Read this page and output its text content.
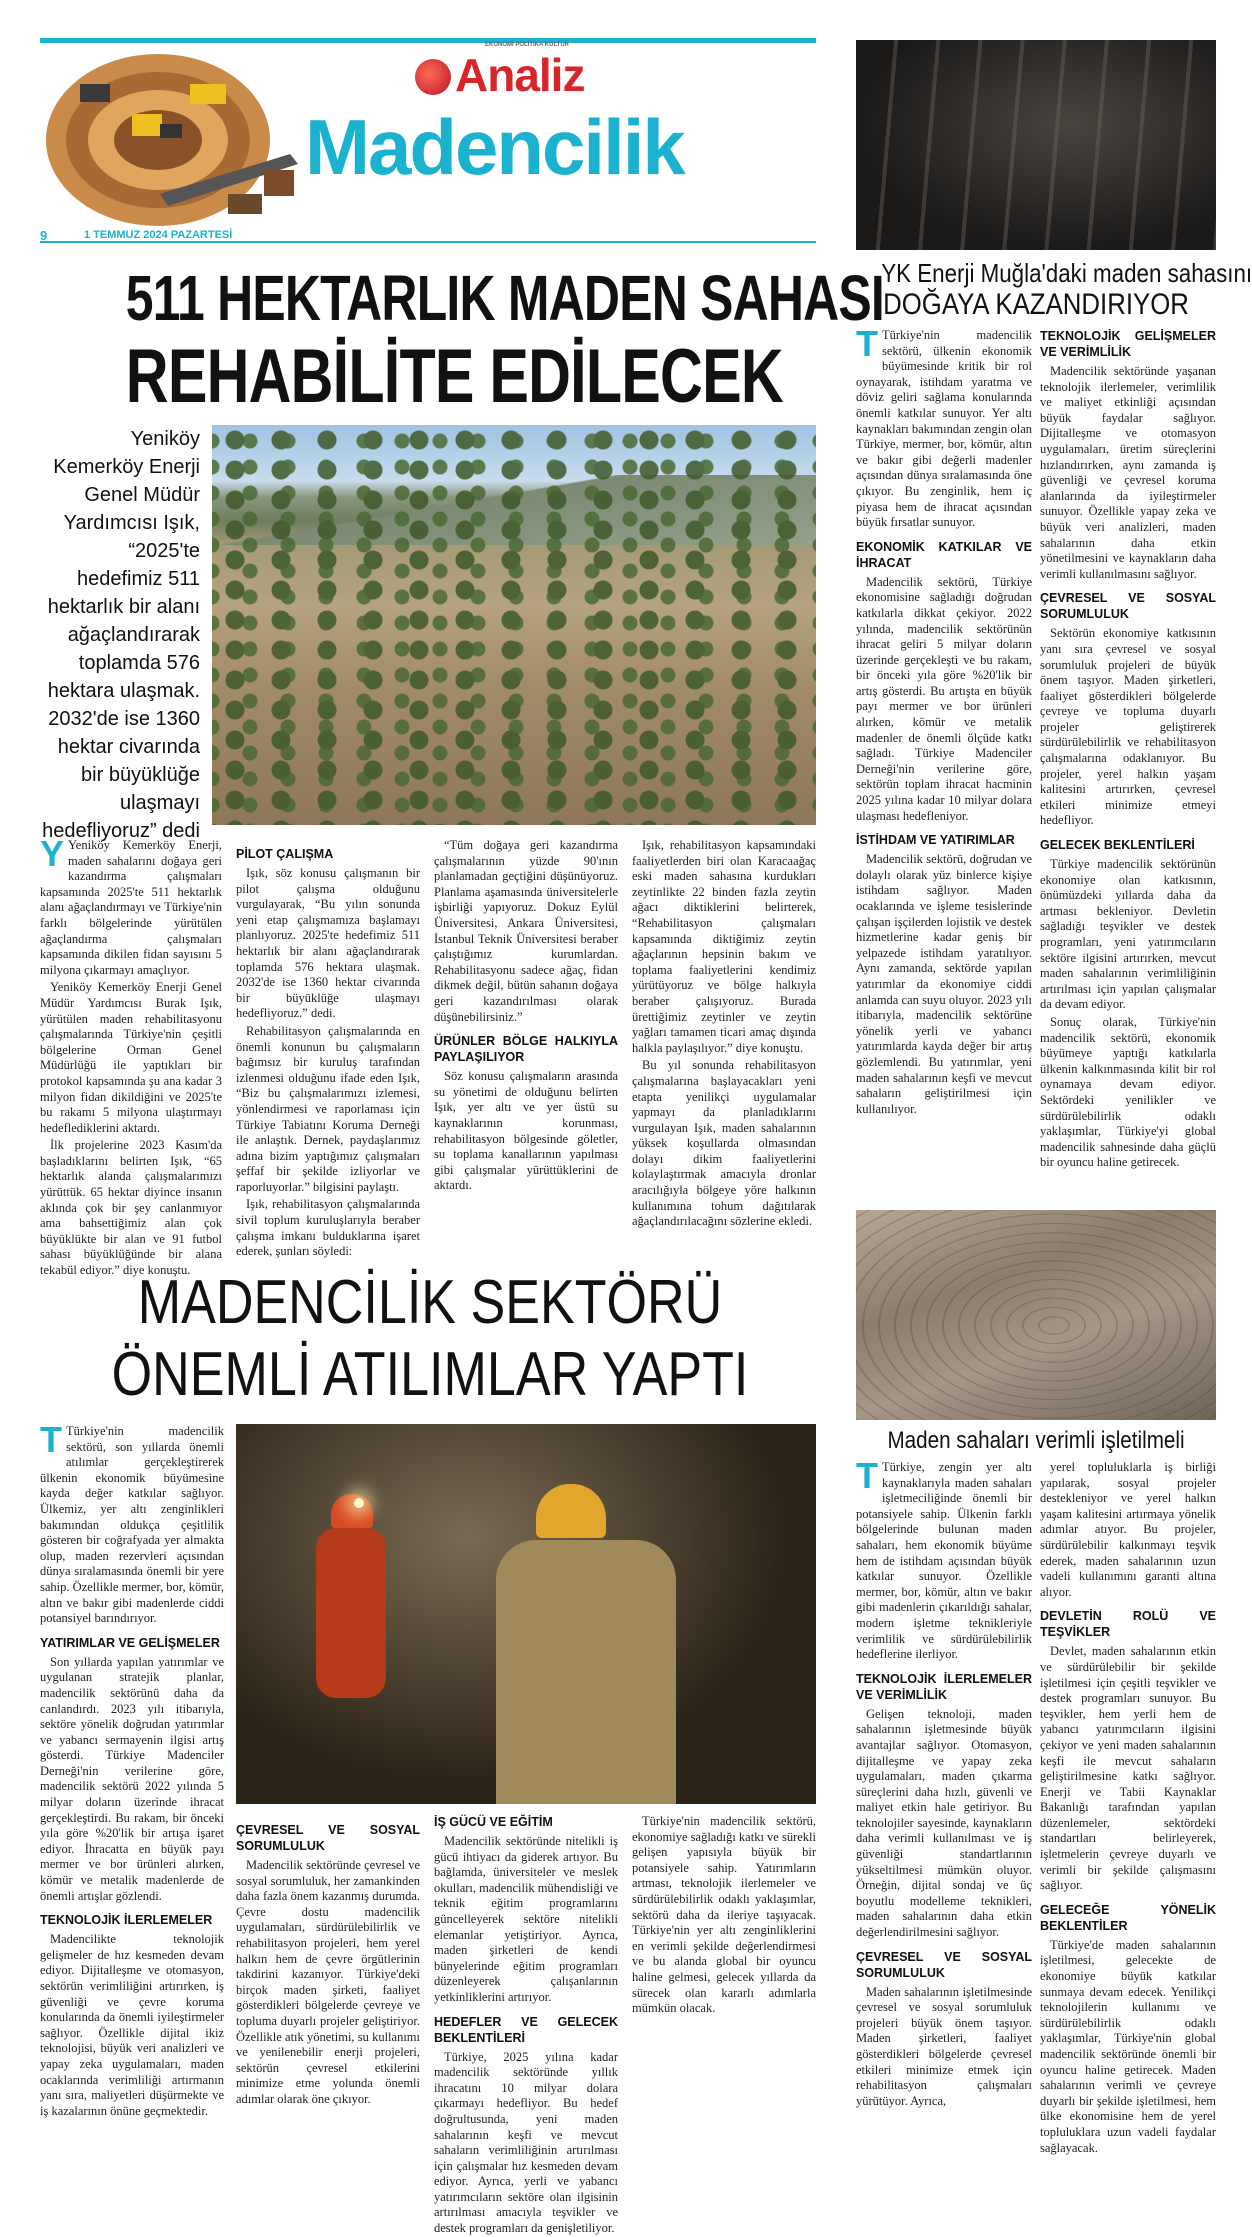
EKONOMİ POLİTİKA KÜLTÜR
Analiz
Madencilik
9	1 TEMMUZ 2024 PAZARTESİ
511 HEKTARLIK MADEN SAHASI
REHABİLİTE EDİLECEK
Yeniköy Kemerköy Enerji Genel Müdür Yardımcısı Işık, “2025'te hedefimiz 511 hektarlık bir alanı ağaçlandırarak toplamda 576 hektara ulaşmak. 2032'de ise 1360 hektar civarında bir büyüklüğe ulaşmayı hedefliyoruz” dedi

Y Yeniköy Kemerköy Enerji, maden sahalarını doğaya geri kazandırma çalışmaları kapsamında 2025'te 511 hektarlık alanı ağaçlandırmayı ve Türkiye'nin farklı bölgelerinde yürütülen ağaçlandırma çalışmaları kapsamında dikilen fidan sayısını 5 milyona çıkarmayı amaçlıyor.

Yeniköy Kemerköy Enerji Genel Müdür Yardımcısı Burak Işık, yürütülen maden rehabilitasyonu çalışmalarında Türkiye'nin çeşitli bölgelerine Orman Genel Müdürlüğü ile yaptıkları bir protokol kapsamında şu ana kadar 3 milyon fidan dikildiğini ve 2025'te bu rakamı 5 milyona ulaştırmayı hedeflediklerini aktardı.

İlk projelerine 2023 Kasım'da başladıklarını belirten Işık, “65 hektarlık alanda çalışmalarımızı yürüttük. 65 hektar diyince insanın aklında çok bir şey canlanmıyor ama bahsettiğimiz alan çok büyüklükte bir alan ve 91 futbol sahası büyüklüğünde bir alana tekabül ediyor.” diye konuştu.

PİLOT ÇALIŞMA

Işık, söz konusu çalışmanın bir pilot çalışma olduğunu vurgulayarak, “Bu yılın sonunda yeni etap çalışmamıza başlamayı planlıyoruz. 2025'te hedefimiz 511 hektarlık bir alanı ağaçlandırarak toplamda 576 hektara ulaşmak. 2032'de ise 1360 hektar civarında bir büyüklüğe ulaşmayı hedefliyoruz.” dedi.

Rehabilitasyon çalışmalarında en önemli konunun bu çalışmaların bağımsız bir kuruluş tarafından izlenmesi olduğunu ifade eden Işık, “Biz bu çalışmalarımızı izlemesi, yönlendirmesi ve raporlaması için Türkiye Tabiatını Koruma Derneği ile anlaştık. Dernek, paydaşlarımız adına bizim yaptığımız çalışmaları şeffaf bir şekilde izliyorlar ve raporluyorlar.” bilgisini paylaştı.

Işık, rehabilitasyon çalışmalarında sivil toplum kuruluşlarıyla beraber çalışma imkanı bulduklarına işaret ederek, şunları söyledi:

“Tüm doğaya geri kazandırma çalışmalarının yüzde 90'ının planlamadan geçtiğini düşünüyoruz. Planlama aşamasında üniversitelerle işbirliği yapıyoruz. Dokuz Eylül Üniversitesi, Ankara Üniversitesi, İstanbul Teknik Üniversitesi beraber çalıştığımız kurumlardan. Rehabilitasyonu sadece ağaç, fidan dikmek değil, bütün sahanın doğaya geri kazandırılması olarak düşünebilirsiniz.”

ÜRÜNLER BÖLGE HALKIYLA PAYLAŞILIYOR

Söz konusu çalışmaların arasında su yönetimi de olduğunu belirten Işık, yer altı ve yer üstü su kaynaklarının korunması, rehabilitasyon bölgesinde göletler, su toplama kanallarının yapılması gibi çalışmalar yürüttüklerini de aktardı.

Işık, rehabilitasyon kapsamındaki faaliyetlerden biri olan Karacaağaç eski maden sahasına kurdukları zeytinlikte 22 binden fazla zeytin ağacı diktiklerini belirterek, “Rehabilitasyon çalışmaları kapsamında diktiğimiz zeytin ağaçlarının hepsinin bakım ve toplama faaliyetlerini kendimiz yürütüyoruz ve bölge halkıyla beraber çalışıyoruz. Burada ürettiğimiz zeytinler ve zeytin yağları tamamen ticari amaç dışında halkla paylaşılıyor.” diye konuştu.

Bu yıl sonunda rehabilitasyon çalışmalarına başlayacakları yeni etapta yenilikçi uygulamalar yapmayı da planladıklarını vurgulayan Işık, maden sahalarının yüksek koşullarda olmasından dolayı dikim faaliyetlerini kolaylaştırmak amacıyla dronlar aracılığıyla bölgeye yöre halkının kullanımına tohum dağıtılarak ağaçlandırılacağını sözlerine ekledi.

YK Enerji Muğla'daki maden sahasını
DOĞAYA KAZANDIRIYOR

T Türkiye'nin madencilik sektörü, ülkenin ekonomik büyümesinde kritik bir rol oynayarak, istihdam yaratma ve döviz geliri sağlama konularında önemli katkılar sunuyor. Yer altı kaynakları bakımından zengin olan Türkiye, mermer, bor, kömür, altın ve bakır gibi değerli madenler açısından dünya sıralamasında öne çıkıyor. Bu zenginlik, hem iç piyasa hem de ihracat açısından büyük fırsatlar sunuyor.

EKONOMİK KATKILAR VE İHRACAT

Madencilik sektörü, Türkiye ekonomisine sağladığı doğrudan katkılarla dikkat çekiyor. 2022 yılında, madencilik sektörünün ihracat geliri 5 milyar doların üzerinde gerçekleşti ve bu rakam, bir önceki yıla göre %20'lik bir artış gösterdi. Bu artışta en büyük payı mermer ve bor ürünleri alırken, kömür ve metalik madenler de önemli ölçüde katkı sağladı. Türkiye Madenciler Derneği'nin verilerine göre, sektörün toplam ihracat hacminin 2025 yılına kadar 10 milyar dolara ulaşması hedefleniyor.

İSTİHDAM VE YATIRIMLAR

Madencilik sektörü, doğrudan ve dolaylı olarak yüz binlerce kişiye istihdam sağlıyor. Maden ocaklarında ve işleme tesislerinde çalışan işçilerden lojistik ve destek hizmetlerine kadar geniş bir yelpazede istihdam yaratılıyor. Aynı zamanda, sektörde yapılan yatırımlar da ekonomiye ciddi anlamda can suyu oluyor. 2023 yılı itibarıyla, madencilik sektörüne yönelik yerli ve yabancı yatırımlarda kayda değer bir artış gözlemlendi. Bu yatırımlar, yeni maden sahalarının keşfi ve mevcut sahaların geliştirilmesi için kullanılıyor.

TEKNOLOJİK GELİŞMELER VE VERİMLİLİK

Madencilik sektöründe yaşanan teknolojik ilerlemeler, verimlilik ve maliyet etkinliği açısından büyük faydalar sağlıyor. Dijitalleşme ve otomasyon uygulamaları, üretim süreçlerini hızlandırırken, aynı zamanda iş güvenliği ve çevresel koruma alanlarında da iyileştirmeler sunuyor. Özellikle yapay zeka ve büyük veri analizleri, maden sahalarının daha etkin yönetilmesini ve kaynakların daha verimli kullanılmasını sağlıyor.

ÇEVRESEL VE SOSYAL SORUMLULUK

Sektörün ekonomiye katkısının yanı sıra çevresel ve sosyal sorumluluk projeleri de büyük önem taşıyor. Maden şirketleri, faaliyet gösterdikleri bölgelerde çevreye ve topluma duyarlı projeler geliştirerek sürdürülebilirlik ve rehabilitasyon çalışmalarına odaklanıyor. Bu projeler, yerel halkın yaşam kalitesini artırırken, çevresel etkileri minimize etmeyi hedefliyor.

GELECEK BEKLENTİLERİ

Türkiye madencilik sektörünün ekonomiye olan katkısının, önümüzdeki yıllarda daha da artması bekleniyor. Devletin sağladığı teşvikler ve destek programları, yeni yatırımcıların sektöre ilgisini artırırken, mevcut maden sahalarının verimliliğinin artırılması için yapılan çalışmalar da devam ediyor.

Sonuç olarak, Türkiye'nin madencilik sektörü, ekonomik büyümeye yaptığı katkılarla ülkenin kalkınmasında kilit bir rol oynamaya devam ediyor. Sektördeki yenilikler ve sürdürülebilirlik odaklı yaklaşımlar, Türkiye'yi global madencilik sahnesinde daha güçlü bir oyuncu haline getirecek.

MADENCİLİK SEKTÖRÜ
ÖNEMLİ ATILIMLAR YAPTI

T Türkiye'nin madencilik sektörü, son yıllarda önemli atılımlar gerçekleştirerek ülkenin ekonomik büyümesine kayda değer katkılar sağlıyor. Ülkemiz, yer altı zenginlikleri bakımından oldukça çeşitlilik gösteren bir coğrafyada yer almakta olup, maden rezervleri açısından dünya sıralamasında önemli bir yere sahip. Özellikle mermer, bor, kömür, altın ve bakır gibi madenlerde ciddi potansiyel barındırıyor.

YATIRIMLAR VE GELİŞMELER

Son yıllarda yapılan yatırımlar ve uygulanan stratejik planlar, madencilik sektörünü daha da canlandırdı. 2023 yılı itibarıyla, sektöre yönelik doğrudan yatırımlar ve yabancı sermayenin ilgisi artış gösterdi. Türkiye Madenciler Derneği'nin verilerine göre, madencilik sektörü 2022 yılında 5 milyar doların üzerinde ihracat gerçekleştirdi. Bu rakam, bir önceki yıla göre %20'lik bir artışa işaret ediyor. İhracatta en büyük payı mermer ve bor ürünleri alırken, kömür ve metalik madenlerde de önemli artışlar gözlendi.

TEKNOLOJİK İLERLEMELER

Madencilikte teknolojik gelişmeler de hız kesmeden devam ediyor. Dijitalleşme ve otomasyon, sektörün verimliliğini artırırken, iş güvenliği ve çevre koruma konularında da önemli iyileştirmeler sağlıyor. Özellikle dijital ikiz teknolojisi, büyük veri analizleri ve yapay zeka uygulamaları, maden ocaklarında verimliliği artırmanın yanı sıra, maliyetleri düşürmekte ve iş kazalarının önüne geçmektedir.

ÇEVRESEL VE SOSYAL SORUMLULUK

Madencilik sektöründe çevresel ve sosyal sorumluluk, her zamankinden daha fazla önem kazanmış durumda. Çevre dostu madencilik uygulamaları, sürdürülebilirlik ve rehabilitasyon projeleri, hem yerel halkın hem de çevre örgütlerinin takdirini kazanıyor. Türkiye'deki birçok maden şirketi, faaliyet gösterdikleri bölgelerde çevreye ve topluma duyarlı projeler geliştiriyor. Özellikle atık yönetimi, su kullanımı ve yenilenebilir enerji projeleri, sektörün çevresel etkilerini minimize etme yolunda önemli adımlar olarak öne çıkıyor.

İŞ GÜCÜ VE EĞİTİM

Madencilik sektöründe nitelikli iş gücü ihtiyacı da giderek artıyor. Bu bağlamda, üniversiteler ve meslek okulları, madencilik mühendisliği ve teknik eğitim programlarını güncelleyerek sektöre nitelikli elemanlar yetiştiriyor. Ayrıca, maden şirketleri de kendi bünyelerinde eğitim programları düzenleyerek çalışanlarının yetkinliklerini artırıyor.

HEDEFLER VE GELECEK BEKLENTİLERİ

Türkiye, 2025 yılına kadar madencilik sektöründe yıllık ihracatını 10 milyar dolara çıkarmayı hedefliyor. Bu hedef doğrultusunda, yeni maden sahalarının keşfi ve mevcut sahaların verimliliğinin artırılması için çalışmalar hız kesmeden devam ediyor. Ayrıca, yerli ve yabancı yatırımcıların sektöre olan ilgisinin artırılması amacıyla teşvikler ve destek programları da genişletiliyor.

Türkiye'nin madencilik sektörü, ekonomiye sağladığı katkı ve sürekli gelişen yapısıyla büyük bir potansiyele sahip. Yatırımların artması, teknolojik ilerlemeler ve sürdürülebilirlik odaklı yaklaşımlar, sektörü daha da ileriye taşıyacak. Türkiye'nin yer altı zenginliklerini en verimli şekilde değerlendirmesi ve bu alanda global bir oyuncu haline gelmesi, gelecek yıllarda da sürecek olan kararlı adımlarla mümkün olacak.

Maden sahaları verimli işletilmeli

T Türkiye, zengin yer altı kaynaklarıyla maden sahaları işletmeciliğinde önemli bir potansiyele sahip. Ülkenin farklı bölgelerinde bulunan maden sahaları, hem ekonomik büyüme hem de istihdam açısından büyük katkılar sunuyor. Özellikle mermer, bor, kömür, altın ve bakır gibi madenlerin çıkarıldığı sahalar, modern işletme teknikleriyle verimlilik ve sürdürülebilirlik hedeflerine ilerliyor.

TEKNOLOJİK İLERLEMELER VE VERİMLİLİK

Gelişen teknoloji, maden sahalarının işletmesinde büyük avantajlar sağlıyor. Otomasyon, dijitalleşme ve yapay zeka uygulamaları, maden çıkarma süreçlerini daha hızlı, güvenli ve maliyet etkin hale getiriyor. Bu teknolojiler sayesinde, kaynakların daha verimli kullanılması ve iş güvenliği standartlarının yükseltilmesi mümkün oluyor. Örneğin, dijital sondaj ve üç boyutlu modelleme teknikleri, maden sahalarının daha etkin değerlendirilmesini sağlıyor.

ÇEVRESEL VE SOSYAL SORUMLULUK

Maden sahalarının işletilmesinde çevresel ve sosyal sorumluluk projeleri büyük önem taşıyor. Maden şirketleri, faaliyet gösterdikleri bölgelerde çevresel etkileri minimize etmek için rehabilitasyon çalışmaları yürütüyor. Ayrıca,

yerel topluluklarla iş birliği yapılarak, sosyal projeler destekleniyor ve yerel halkın yaşam kalitesini artırmaya yönelik adımlar atıyor. Bu projeler, sürdürülebilir kalkınmayı teşvik ederek, maden sahalarının uzun vadeli kullanımını garanti altına alıyor.

DEVLETİN ROLÜ VE TEŞVİKLER

Devlet, maden sahalarının etkin ve sürdürülebilir bir şekilde işletilmesi için çeşitli teşvikler ve destek programları sunuyor. Bu teşvikler, hem yerli hem de yabancı yatırımcıların ilgisini çekiyor ve yeni maden sahalarının keşfi ile mevcut sahaların geliştirilmesine katkı sağlıyor. Enerji ve Tabii Kaynaklar Bakanlığı tarafından yapılan düzenlemeler, sektördeki standartları belirleyerek, işletmelerin çevreye duyarlı ve verimli bir şekilde çalışmasını sağlıyor.

GELECEĞE YÖNELİK BEKLENTİLER

Türkiye'de maden sahalarının işletilmesi, gelecekte de ekonomiye büyük katkılar sunmaya devam edecek. Yenilikçi teknolojilerin kullanımı ve sürdürülebilirlik odaklı yaklaşımlar, Türkiye'nin global madencilik sektöründe önemli bir oyuncu haline getirecek. Maden sahalarının verimli ve çevreye duyarlı bir şekilde işletilmesi, hem ülke ekonomisine hem de yerel topluluklara uzun vadeli faydalar sağlayacak.
